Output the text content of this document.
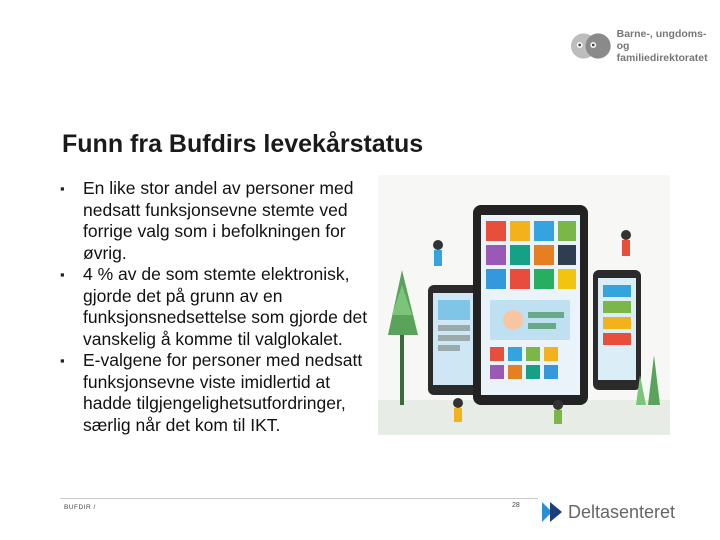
Barne-, ungdoms-
og familiedirektoratet
Funn fra Bufdirs levekårstatus
▪ En like stor andel av personer med nedsatt funksjonsevne stemte ved forrige valg som i befolkningen for øvrig.
▪ 4 % av de som stemte elektronisk, gjorde det på grunn av en funksjonsnedsettelse som gjorde det vanskelig å komme til valglokalet.
▪ E-valgene for personer med nedsatt funksjonsevne viste imidlertid at hadde tilgjengelighetsutfordringer, særlig når det kom til IKT.
BUFDIR /	28	Deltasenteret
